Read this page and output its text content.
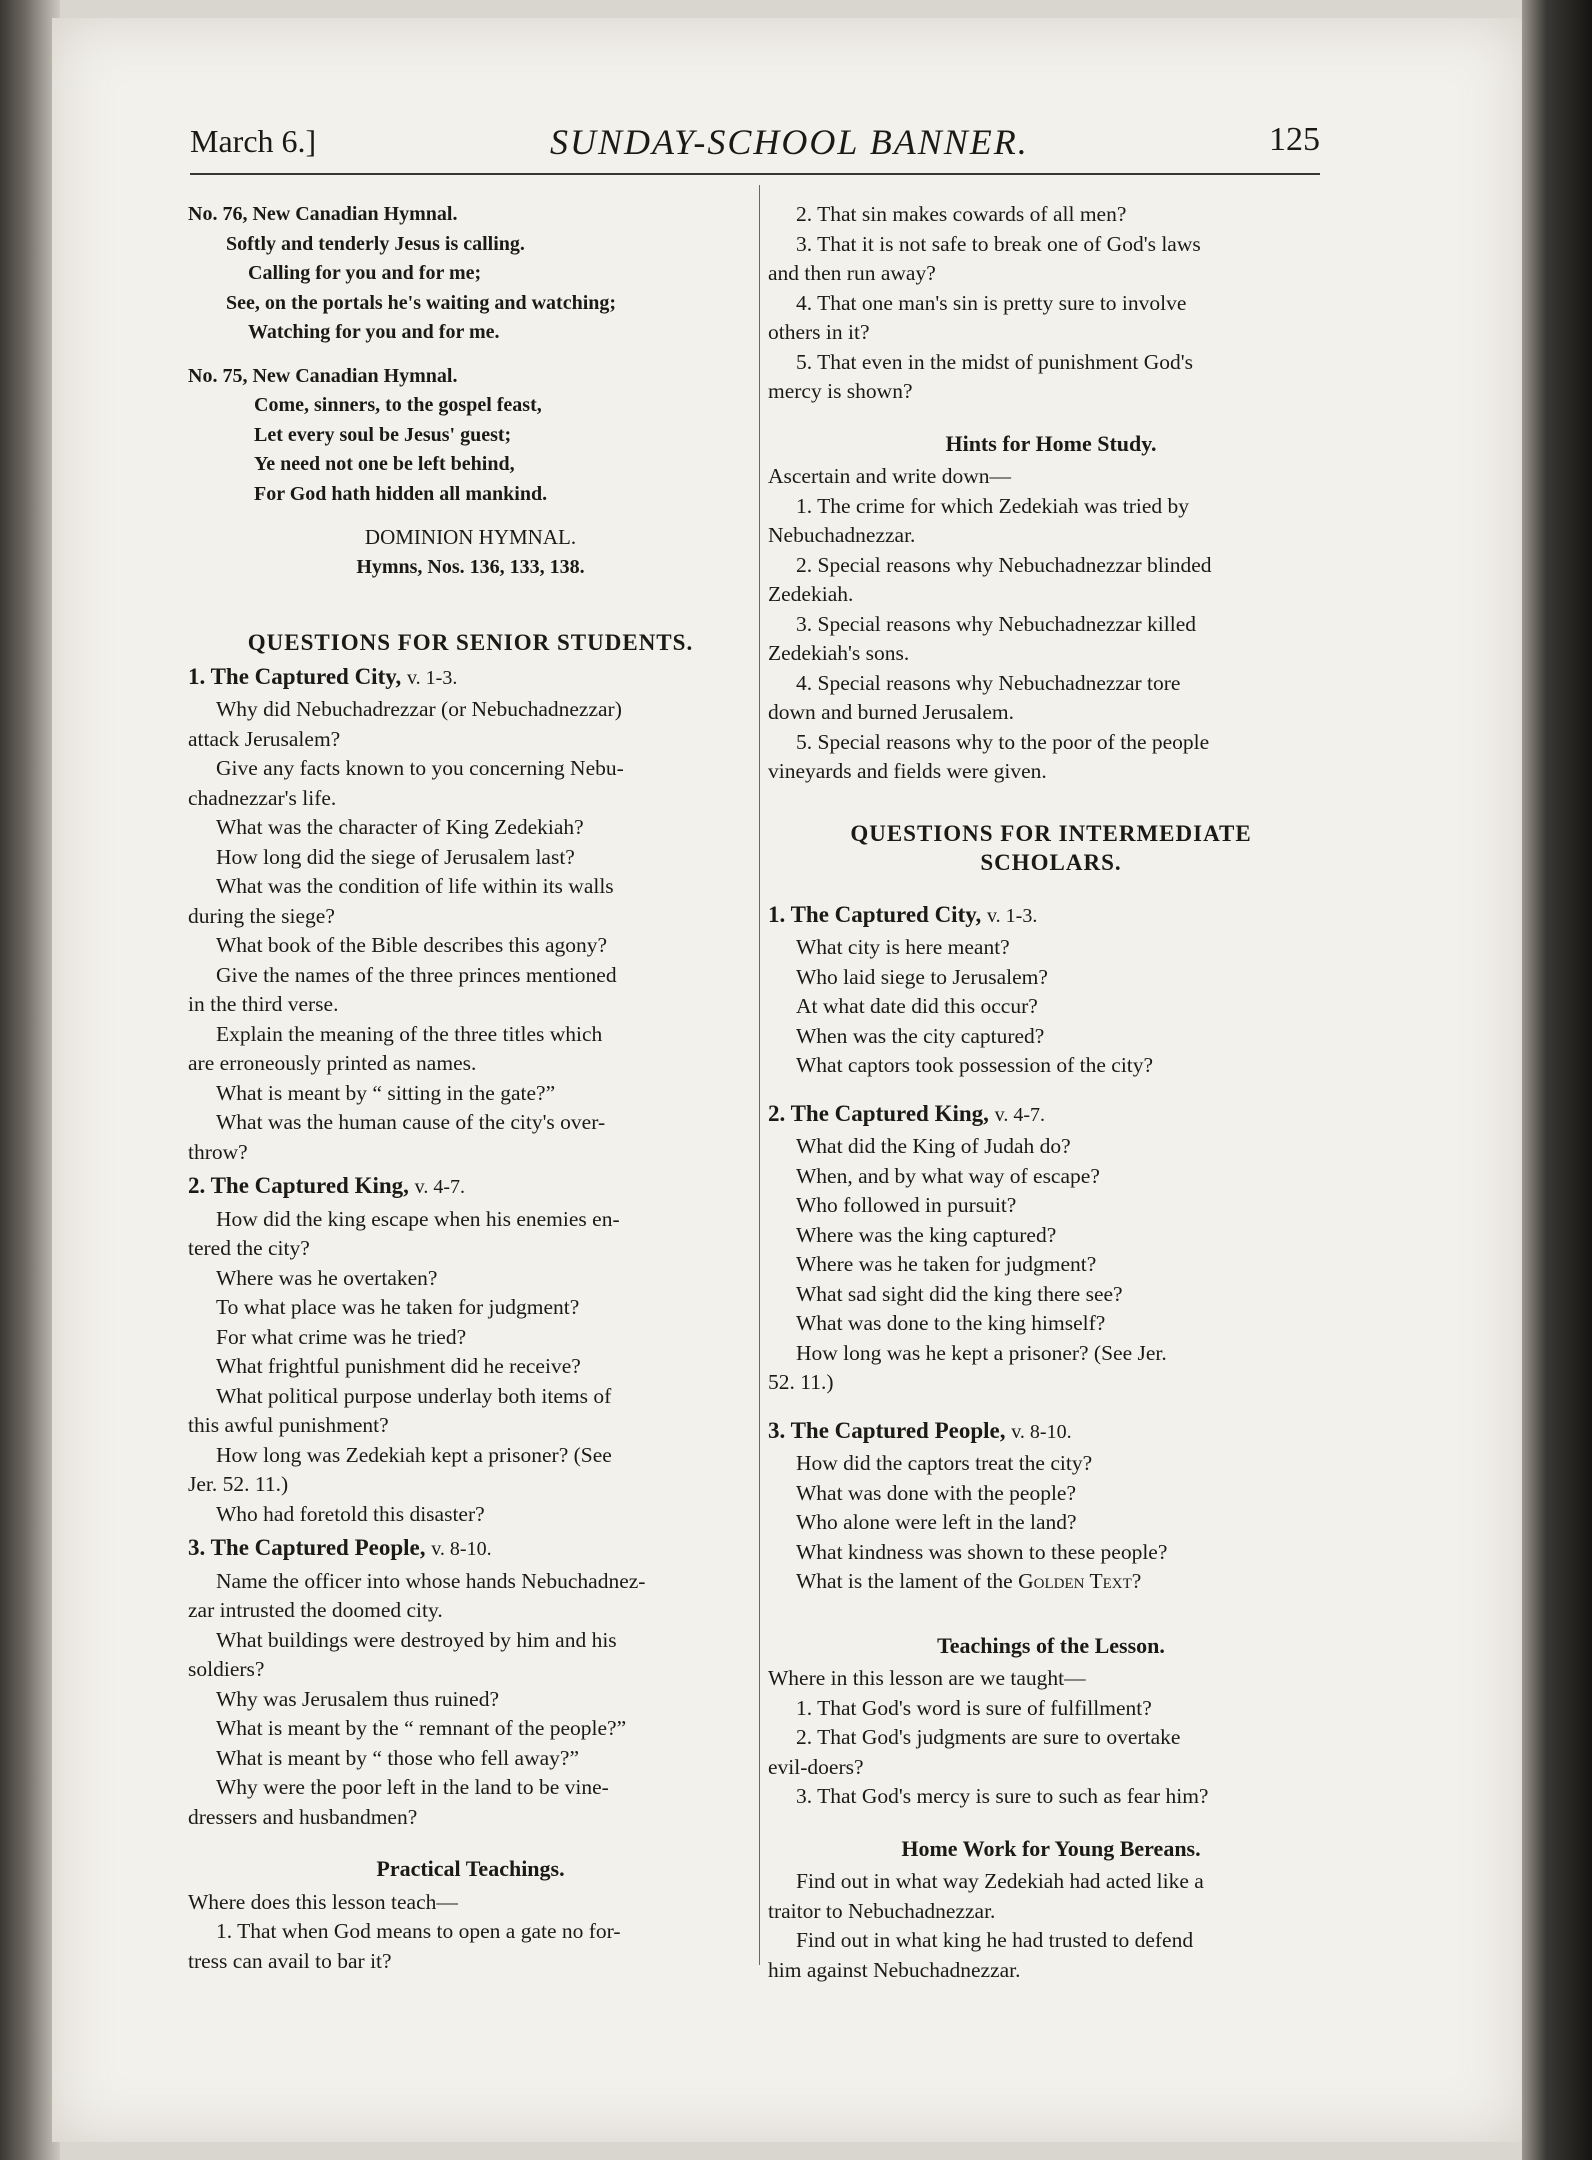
March 6.]	SUNDAY-SCHOOL BANNER.	125
No. 76, New Canadian Hymnal.
Softly and tenderly Jesus is calling.
Calling for you and for me;
See, on the portals he's waiting and watching;
Watching for you and for me.
No. 75, New Canadian Hymnal.
Come, sinners, to the gospel feast,
Let every soul be Jesus' guest;
Ye need not one be left behind,
For God hath hidden all mankind.
DOMINION HYMNAL.
Hymns, Nos. 136, 133, 138.
QUESTIONS FOR SENIOR STUDENTS.
1. The Captured City, v. 1-3.
Why did Nebuchadrezzar (or Nebuchadnezzar)
attack Jerusalem?
Give any facts known to you concerning Nebu-
chadnezzar's life.
What was the character of King Zedekiah?
How long did the siege of Jerusalem last?
What was the condition of life within its walls
during the siege?
What book of the Bible describes this agony?
Give the names of the three princes mentioned
in the third verse.
Explain the meaning of the three titles which
are erroneously printed as names.
What is meant by “ sitting in the gate?”
What was the human cause of the city's over-
throw?
2. The Captured King, v. 4-7.
How did the king escape when his enemies en-
tered the city?
Where was he overtaken?
To what place was he taken for judgment?
For what crime was he tried?
What frightful punishment did he receive?
What political purpose underlay both items of
this awful punishment?
How long was Zedekiah kept a prisoner? (See
Jer. 52. 11.)
Who had foretold this disaster?
3. The Captured People, v. 8-10.
Name the officer into whose hands Nebuchadnez-
zar intrusted the doomed city.
What buildings were destroyed by him and his
soldiers?
Why was Jerusalem thus ruined?
What is meant by the “ remnant of the people?”
What is meant by “ those who fell away?”
Why were the poor left in the land to be vine-
dressers and husbandmen?
Practical Teachings.
Where does this lesson teach—
1. That when God means to open a gate no for-
tress can avail to bar it?
2. That sin makes cowards of all men?
3. That it is not safe to break one of God's laws
and then run away?
4. That one man's sin is pretty sure to involve
others in it?
5. That even in the midst of punishment God's
mercy is shown?
Hints for Home Study.
Ascertain and write down—
1. The crime for which Zedekiah was tried by
Nebuchadnezzar.
2. Special reasons why Nebuchadnezzar blinded
Zedekiah.
3. Special reasons why Nebuchadnezzar killed
Zedekiah's sons.
4. Special reasons why Nebuchadnezzar tore
down and burned Jerusalem.
5. Special reasons why to the poor of the people
vineyards and fields were given.
QUESTIONS FOR INTERMEDIATE
SCHOLARS.
1. The Captured City, v. 1-3.
What city is here meant?
Who laid siege to Jerusalem?
At what date did this occur?
When was the city captured?
What captors took possession of the city?
2. The Captured King, v. 4-7.
What did the King of Judah do?
When, and by what way of escape?
Who followed in pursuit?
Where was the king captured?
Where was he taken for judgment?
What sad sight did the king there see?
What was done to the king himself?
How long was he kept a prisoner? (See Jer.
52. 11.)
3. The Captured People, v. 8-10.
How did the captors treat the city?
What was done with the people?
Who alone were left in the land?
What kindness was shown to these people?
What is the lament of the Golden Text?
Teachings of the Lesson.
Where in this lesson are we taught—
1. That God's word is sure of fulfillment?
2. That God's judgments are sure to overtake
evil-doers?
3. That God's mercy is sure to such as fear him?
Home Work for Young Bereans.
Find out in what way Zedekiah had acted like a
traitor to Nebuchadnezzar.
Find out in what king he had trusted to defend
him against Nebuchadnezzar.
